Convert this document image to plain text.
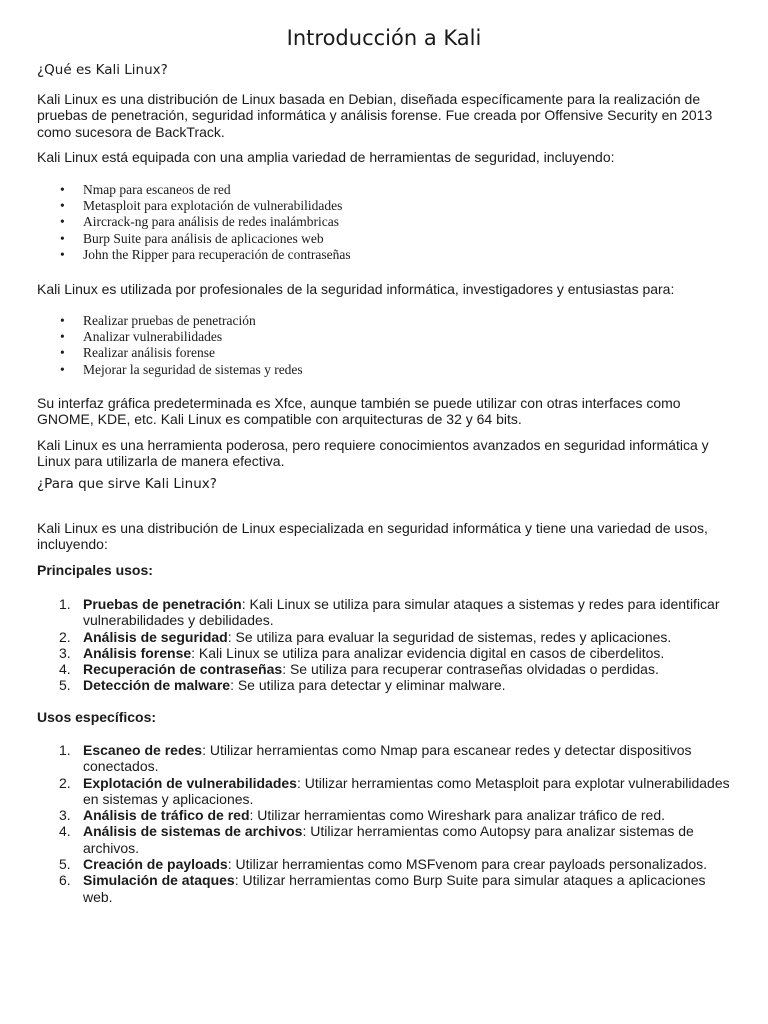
Introducción a Kali
¿Qué es Kali Linux?

Kali Linux es una distribución de Linux basada en Debian, diseñada específicamente para la realización de pruebas de penetración, seguridad informática y análisis forense. Fue creada por Offensive Security en 2013 como sucesora de BackTrack.

Kali Linux está equipada con una amplia variedad de herramientas de seguridad, incluyendo:

• Nmap para escaneos de red
• Metasploit para explotación de vulnerabilidades
• Aircrack-ng para análisis de redes inalámbricas
• Burp Suite para análisis de aplicaciones web
• John the Ripper para recuperación de contraseñas

Kali Linux es utilizada por profesionales de la seguridad informática, investigadores y entusiastas para:

• Realizar pruebas de penetración
• Analizar vulnerabilidades
• Realizar análisis forense
• Mejorar la seguridad de sistemas y redes

Su interfaz gráfica predeterminada es Xfce, aunque también se puede utilizar con otras interfaces como GNOME, KDE, etc. Kali Linux es compatible con arquitecturas de 32 y 64 bits.

Kali Linux es una herramienta poderosa, pero requiere conocimientos avanzados en seguridad informática y Linux para utilizarla de manera efectiva.

¿Para que sirve Kali Linux?

Kali Linux es una distribución de Linux especializada en seguridad informática y tiene una variedad de usos, incluyendo:

Principales usos:

1. Pruebas de penetración: Kali Linux se utiliza para simular ataques a sistemas y redes para identificar vulnerabilidades y debilidades.
2. Análisis de seguridad: Se utiliza para evaluar la seguridad de sistemas, redes y aplicaciones.
3. Análisis forense: Kali Linux se utiliza para analizar evidencia digital en casos de ciberdelitos.
4. Recuperación de contraseñas: Se utiliza para recuperar contraseñas olvidadas o perdidas.
5. Detección de malware: Se utiliza para detectar y eliminar malware.

Usos específicos:

1. Escaneo de redes: Utilizar herramientas como Nmap para escanear redes y detectar dispositivos conectados.
2. Explotación de vulnerabilidades: Utilizar herramientas como Metasploit para explotar vulnerabilidades en sistemas y aplicaciones.
3. Análisis de tráfico de red: Utilizar herramientas como Wireshark para analizar tráfico de red.
4. Análisis de sistemas de archivos: Utilizar herramientas como Autopsy para analizar sistemas de archivos.
5. Creación de payloads: Utilizar herramientas como MSFvenom para crear payloads personalizados.
6. Simulación de ataques: Utilizar herramientas como Burp Suite para simular ataques a aplicaciones web.
